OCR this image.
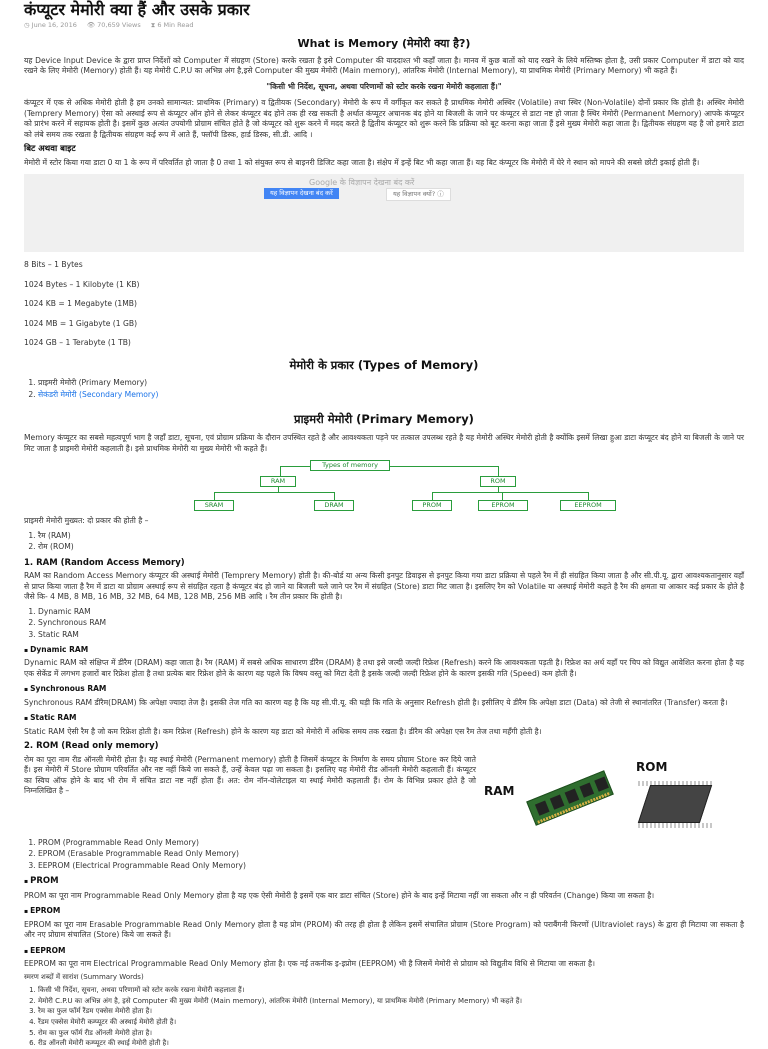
कंप्यूटर मेमोरी क्या हैं और उसके प्रकार
◷ June 16, 2016 👁 70,659 Views ⧗ 6 Min Read
What is Memory (मेमोरी क्या है?)

यह Device Input Device के द्वारा प्राप्त निर्देशों को Computer में संग्रहण (Store) करके रखता है इसे Computer की याददाश्त भी कहाँ जाता है। मानव में कुछ बातों को याद रखने के लिये मस्तिष्क होता है, उसी प्रकार Computer में डाटा को याद रखने के लिए मेमोरी (Memory) होती हैं। यह मेमोरी C.P.U का अभिन्न अंग है,इसे Computer की मुख्य मेमोरी (Main memory), आंतरिक मेमोरी (Internal Memory), या प्राथमिक मेमोरी (Primary Memory) भी कहते हैं।

"किसी भी निर्देश, सूचना, अथवा परिणामों को स्टोर करके रखना मेमोरी कहलाता हैं।"

कंप्यूटर में एक से अधिक मेमोरी होती है हम उनको सामान्यत: प्राथमिक (Primary) व द्वितीयक (Secondary) मेमोरी के रूप में वर्गीकृत कर सकते है प्राथमिक मेमोरी अस्थिर (Volatile) तथा स्थिर (Non-Volatile) दोनों प्रकार कि होती है। अस्थिर मेमोरी (Temprery Memory) ऐसा को अस्थाई रूप से कंप्यूटर ऑन होने से लेकर कंप्यूटर बंद होने तक ही रख सकती है अर्थात कंप्यूटर अचानक बंद होने या बिजली के जाने पर कंप्यूटर से डाटा नष्ट हो जाता है स्थिर मेमोरी (Permanent Memory) आपके कंप्यूटर को प्रारंभ करने में सहायक होती है। इसमें कुछ अत्यंत उपयोगी प्रोग्राम संचित होते है जो कंप्यूटर को शुरू करने में मदद करते है द्वितीय कंप्यूटर को शुरू करने कि प्रक्रिया को बूट करना कहा जाता हैं इसे मुख्य मेमोरी कहा जाता है। द्वितीयक संग्रहण यह है जो हमारे डाटा को लंबे समय तक रखता है द्वितीयक संग्रहण कई रूप में आते हैं, फ्लॉपी डिस्क, हार्ड डिस्क, सी.डी. आदि ।

बिट अथवा बाइट

मेमोरी में स्टोर किया गया डाटा 0 या 1 के रूप में परिवर्तित हो जाता है 0 तथा 1 को संयुक्त रूप से बाइनरी डिजिट कहा जाता है। संक्षेप में इन्हें बिट भी कहा जाता हैं। यह बिट कंप्यूटर कि मेमोरी में घेरे गे स्थान को मापने की सबसे छोटी इकाई होती हैं।

Google के विज्ञापन देखना बंद करें
यह विज्ञापन देखना बंद करें	यह विज्ञापन क्यों? ⓘ
8 Bits – 1 Bytes
1024 Bytes – 1 Kilobyte (1 KB)
1024 KB = 1 Megabyte (1MB)
1024 MB = 1 Gigabyte (1 GB)
1024 GB – 1 Terabyte (1 TB)
मेमोरी के प्रकार (Types of Memory)
1. प्राइमरी मेमोरी (Primary Memory)
2. सेकंडरी मेमोरी (Secondary Memory)
प्राइमरी मेमोरी (Primary Memory)

Memory कंप्यूटर का सबसे महत्वपूर्ण भाग है जहाँ डाटा, सूचना, एवं प्रोग्राम प्रक्रिया के दौरान उपस्थित रहते है और आवश्यकता पड़ने पर तत्काल उपलब्ध रहते है यह मेमोरी अस्थिर मेमोरी होती है क्योंकि इसमें लिखा हुआ डाटा कंप्यूटर बंद होने या बिजली के जाने पर मिट जाता है प्राइमरी मेमोरी कहलाती है। इसे प्राथमिक मेमोरी या मुख्य मेमोरी भी कहते हैं।

Types of memory
RAM	ROM
SRAM	DRAM	PROM	EPROM	EEPROM

प्राइमरी मेमोरी मुख्यत: दो प्रकार की होती है –

1. रैम (RAM)
2. रोम (ROM)
1. RAM (Random Access Memory)

RAM का Random Access Memory कंप्यूटर की अस्थाई मेमोरी (Temprery Memory) होती है। की-बोर्ड या अन्य किसी इनपुट डिवाइस से इनपुट किया गया डाटा प्रक्रिया से पहले रैम में ही संग्रहित किया जाता है और सी.पी.यू. द्वारा आवश्यकतानुसार वहाँ से प्राप्त किया जाता है रैम में डाटा या प्रोग्राम अस्थाई रूप से संग्रहित रहता है कंप्यूटर बंद हो जाने या बिजली चले जाने पर रैम में संग्रहित (Store) डाटा मिट जाता है। इसलिए रैम को Volatile या अस्थाई मेमोरी कहते है रैम की क्षमता या आकार कई प्रकार के होते है जैसे कि- 4 MB, 8 MB, 16 MB, 32 MB, 64 MB, 128 MB, 256 MB आदि । रैम तीन प्रकार कि होती है।

1. Dynamic RAM
2. Synchronous RAM
3. Static RAM
▪ Dynamic RAM

Dynamic RAM को संक्षिप्त में डीरैम (DRAM) कहा जाता है। रैम (RAM) में सबसे अधिक साधारण डीरैम (DRAM) है तथा इसे जल्दी जल्दी रिफ्रेश (Refresh) करने कि आवश्यकता पड़ती है। रिफ्रेश का अर्थ यहाँ पर चिप को विद्युत आवेशित करना होता है यह एक सेकेंड में लगभग हजारों बार रिफ्रेश होता है तथा प्रत्येक बार रिफ्रेश होने के कारण यह पहले कि विषय वस्तु को मिटा देती है इसके जल्दी जल्दी रिफ्रेश होने के कारण इसकी गति (Speed) कम होती है।

▪ Synchronous RAM

Synchronous RAM डीरैम(DRAM) कि अपेक्षा ज्यादा तेज है। इसकी तेज गति का कारण यह है कि यह सी.पी.यू. की घड़ी कि गति के अनुसार Refresh होती है। इसीलिए ये डीरैम कि अपेक्षा डाटा (Data) को तेजी से स्थानांतरित (Transfer) करता है।

▪ Static RAM

Static RAM ऐसी रैम है जो कम रिफ्रेश होती है। कम रिफ्रेश (Refresh) होने के कारण यह डाटा को मेमोरी में अधिक समय तक रखता है। डीरैम की अपेक्षा एस रैम तेज तथा महँगी होती है।

2. ROM (Read only memory)

रोम का पूरा नाम रीड ऑनली मेमोरी होता है। यह स्थाई मेमोरी (Permanent memory) होती है जिसमें कंप्यूटर के निर्माण के समय प्रोग्राम Store कर दिये जाते हैं। इस मेमोरी में Store प्रोग्राम परिवर्तित और नष्ट नहीं किये जा सकते हैं, उन्हें केवल पढ़ा जा सकता है। इसलिए यह मेमोरी रीड ऑनली मेमोरी कहलाती हैं। कंप्यूटर का स्विच ऑफ होने के बाद भी रोम में संचित डाटा नष्ट नहीं होता हैं। अत: रोम नॉन-वोलेटाइल या स्थाई मेमोरी कहलाती हैं। रोम के विभिन्न प्रकार होते है जो निम्नलिखित है –	RAM
ROM
1. PROM (Programmable Read Only Memory)
2. EPROM (Erasable Programmable Read Only Memory)
3. EEPROM (Electrical Programmable Read Only Memory)
▪ PROM

PROM का पूरा नाम Programmable Read Only Memory होता है यह एक ऐसी मेमोरी है इसमें एक बार डाटा संचित (Store) होने के बाद इन्हें मिटाया नहीं जा सकता और न ही परिवर्तन (Change) किया जा सकता है।

▪ EPROM

EPROM का पूरा नाम Erasable Programmable Read Only Memory होता है यह प्रोम (PROM) की तरह ही होता है लेकिन इसमें संचालित प्रोग्राम (Store Program) को पराबैंगनी किरणों (Ultraviolet rays) के द्वारा ही मिटाया जा सकता है और नए प्रोग्राम संचालित (Store) किये जा सकते हैं।

▪ EEPROM

EEPROM का पूरा नाम Electrical Programmable Read Only Memory होता है। एक नई तकनीक इ-इप्रोम (EEPROM) भी है जिसमें मेमोरी से प्रोग्राम को विद्युतीय विधि से मिटाया जा सकता है।

स्मरण शब्दों में सारांश (Summary Words)
1. किसी भी निर्देश, सूचना, अथवा परिणामों को स्टोर करके रखना मेमोरी कहलाता हैं।
2. मेमोरी C.P.U का अभिन्न अंग है, इसे Computer की मुख्य मेमोरी (Main memory), आंतरिक मेमोरी (Internal Memory), या प्राथमिक मेमोरी (Primary Memory) भी कहते हैं।
3. रैम का फुल फॉर्म रैंडम एक्सेस मेमोरी होता है।
4. रैंडम एक्सेस मेमोरी कम्प्यूटर की अस्थाई मेमोरी होती है।
5. रोम का फुल फॉर्म रीड ऑनली मेमोरी होता है।
6. रीड ऑनली मेमोरी कम्प्यूटर की स्थाई मेमोरी होती है।
